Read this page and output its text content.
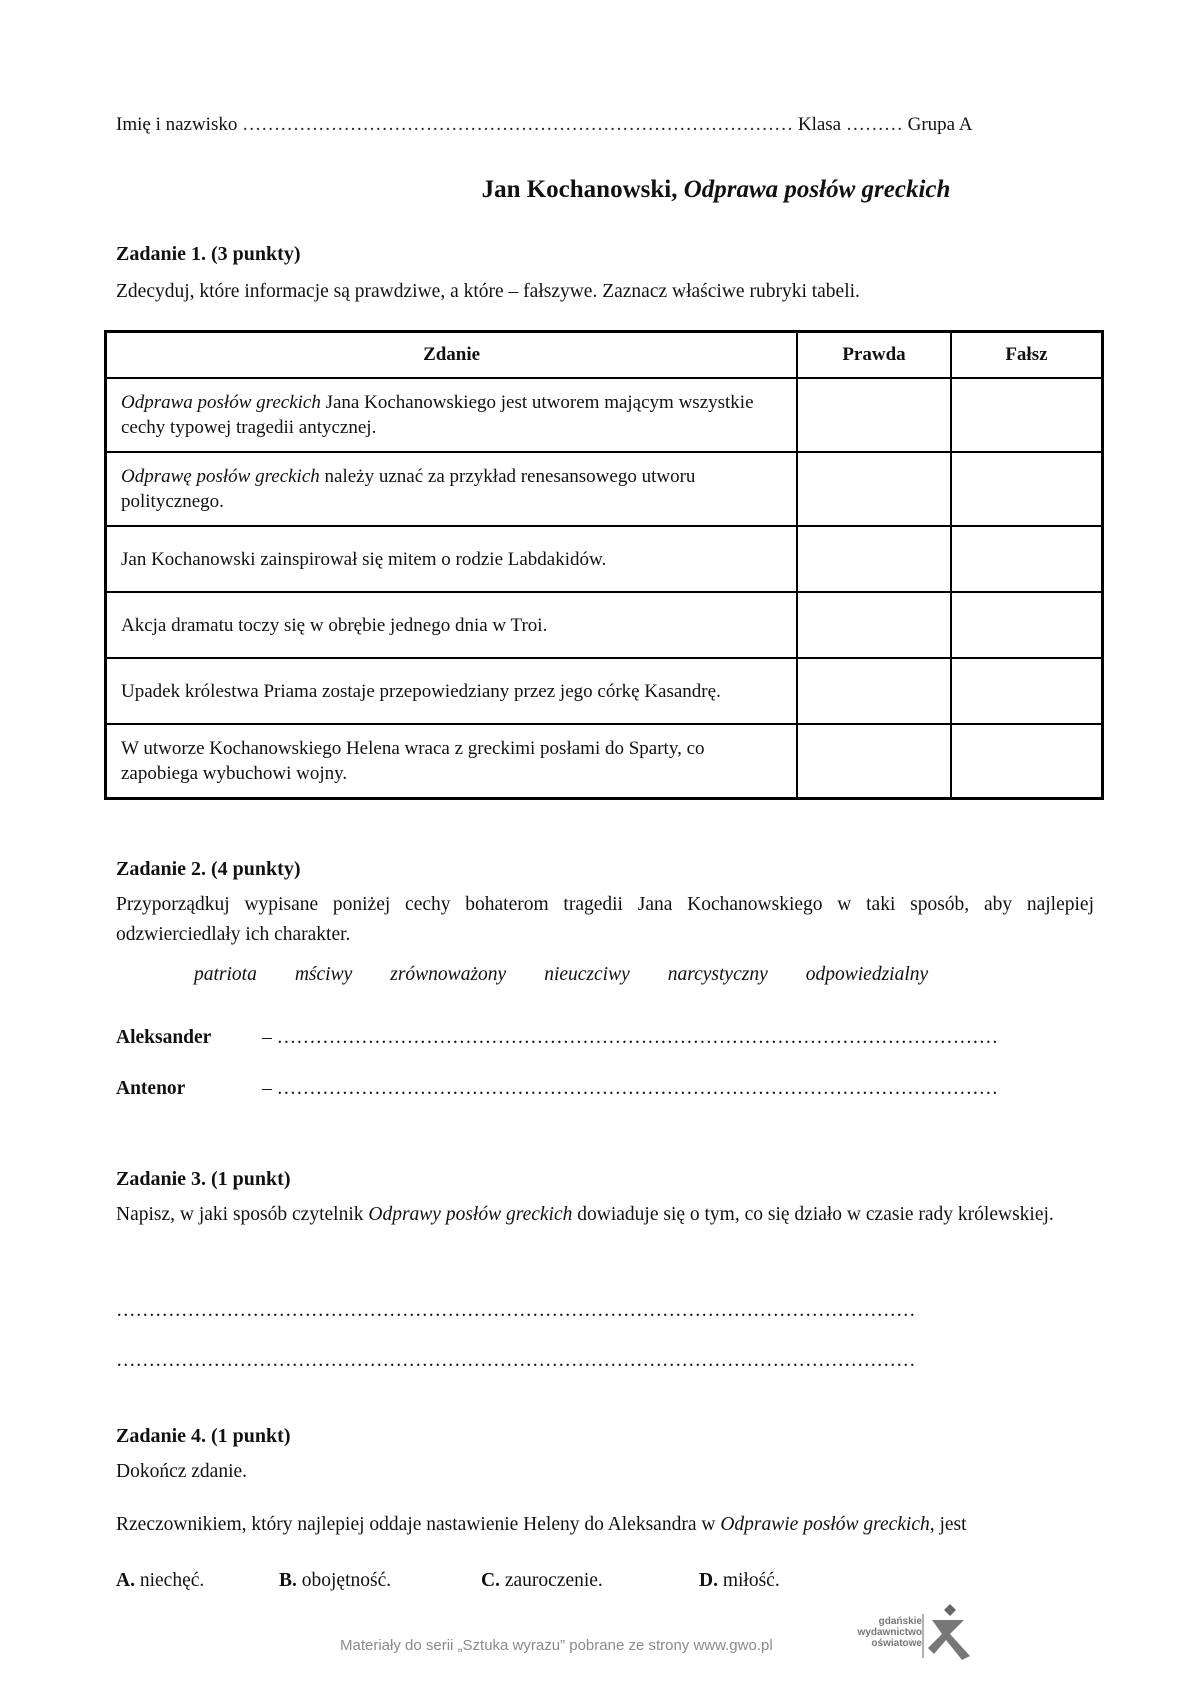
Imię i nazwisko
……………………………………………………………………………
Klasa
………
Grupa A
Jan Kochanowski, Odprawa posłów greckich
Zadanie 1. (3 punkty)
Zdecyduj, które informacje są prawdziwe, a które – fałszywe. Zaznacz właściwe rubryki tabeli.
Zdanie	Prawda	Fałsz
Odprawa posłów greckich Jana Kochanowskiego jest utworem mającym wszystkie cechy typowej tragedii antycznej.		
Odprawę posłów greckich należy uznać za przykład renesansowego utworu politycznego.		
Jan Kochanowski zainspirował się mitem o rodzie Labdakidów.		
Akcja dramatu toczy się w obrębie jednego dnia w Troi.		
Upadek królestwa Priama zostaje przepowiedziany przez jego córkę Kasandrę.		
W utworze Kochanowskiego Helena wraca z greckimi posłami do Sparty, co zapobiega wybuchowi wojny.		
Zadanie 2. (4 punkty)
Przyporządkuj wypisane poniżej cechy bohaterom tragedii Jana Kochanowskiego w taki sposób, aby najlepiej odzwierciedlały ich charakter.
patriota mściwy zrównoważony nieuczciwy narcystyczny odpowiedzialny
Aleksander	– …………………………………………………………………………………………………
Antenor	– …………………………………………………………………………………………………
Zadanie 3. (1 punkt)
Napisz, w jaki sposób czytelnik Odprawy posłów greckich dowiaduje się o tym, co się działo w czasie rady królewskiej.
……………………………………………………………………………………………………………
……………………………………………………………………………………………………………
Zadanie 4. (1 punkt)
Dokończ zdanie.
Rzeczownikiem, który najlepiej oddaje nastawienie Heleny do Aleksandra w Odprawie posłów greckich, jest
A. niechęć.	B. obojętność.	C. zauroczenie.	D. miłość.
Materiały do serii „Sztuka wyrazu” pobrane ze strony www.gwo.pl
gdańskie
wydawnictwo
oświatowe
